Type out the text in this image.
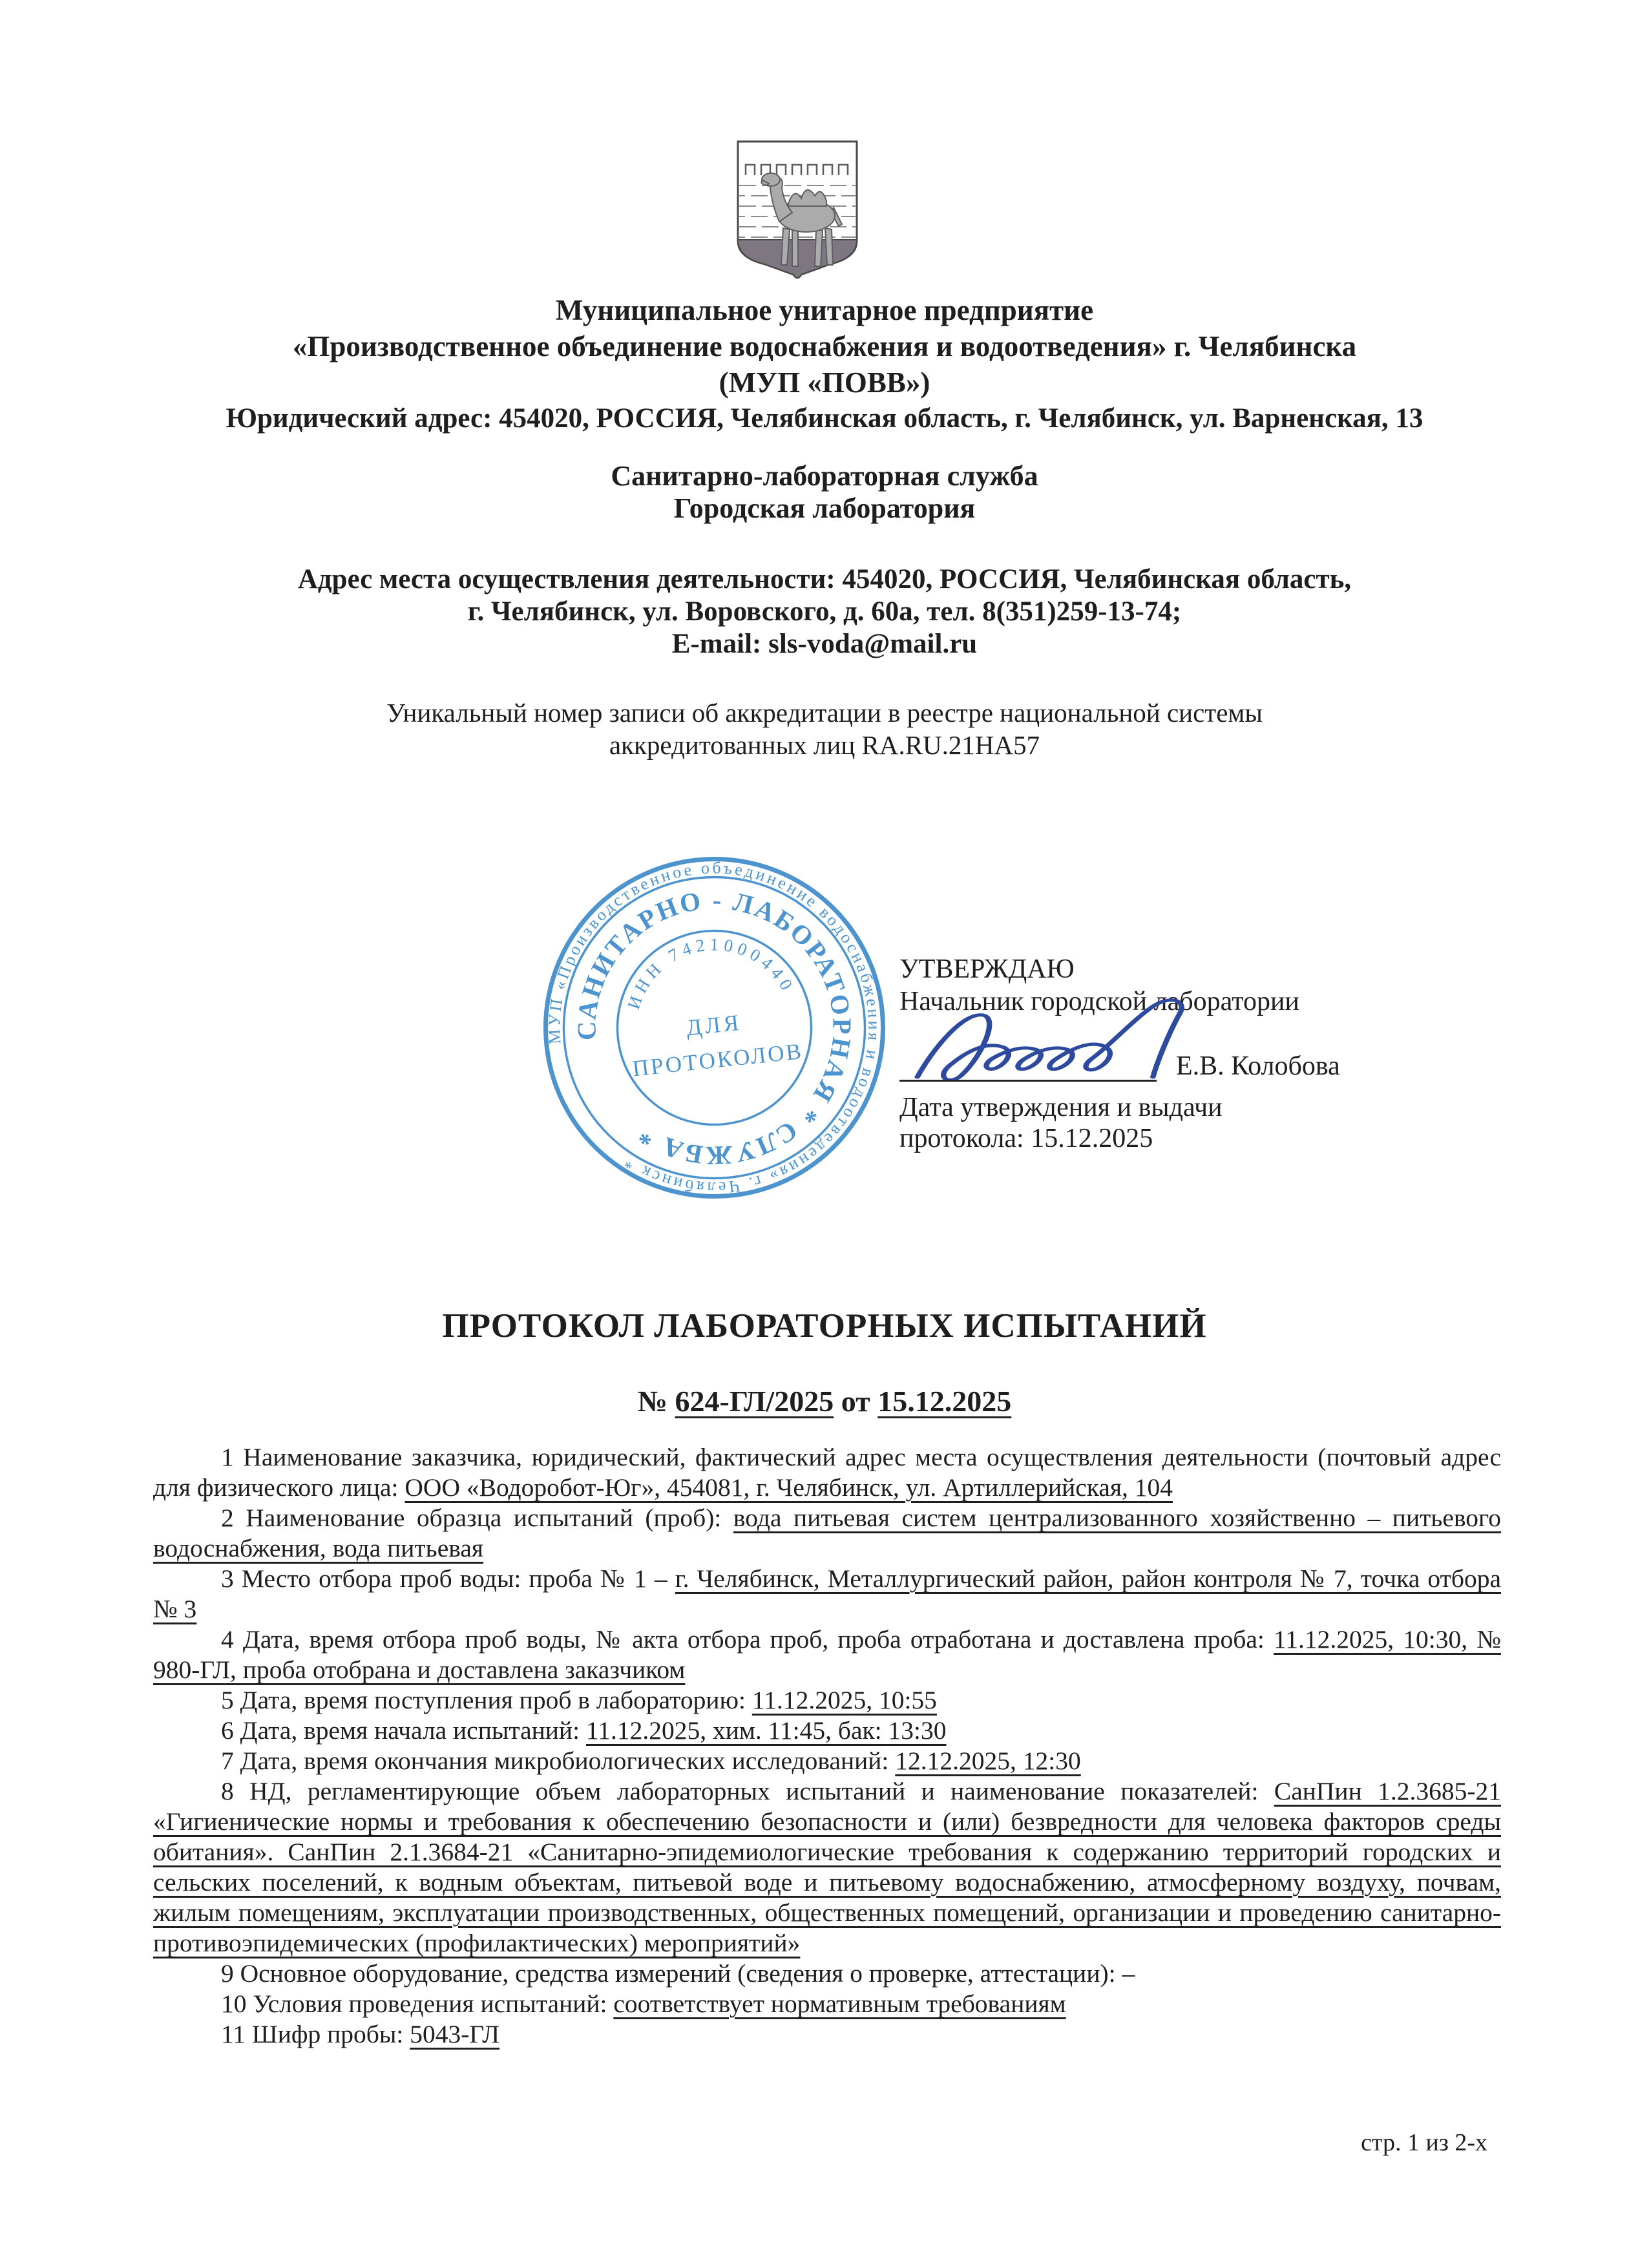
Муниципальное унитарное предприятие
«Производственное объединение водоснабжения и водоотведения» г. Челябинска
(МУП «ПОВВ»)
Юридический адрес: 454020, РОССИЯ, Челябинская область, г. Челябинск, ул. Варненская, 13
Санитарно-лабораторная служба
Городская лаборатория
Адрес места осуществления деятельности: 454020, РОССИЯ, Челябинская область,
г. Челябинск, ул. Воровского, д. 60а, тел. 8(351)259-13-74;
E-mail: sls-voda@mail.ru
Уникальный номер записи об аккредитации в реестре национальной системы
аккредитованных лиц RA.RU.21HA57
МУП «Производственное объединение водоснабжения и водоотведения» г. Челябинск *
САНИТАРНО - ЛАБОРАТОРНАЯ * СЛУЖБА *
ИНН 7421000440
ДЛЯ
ПРОТОКОЛОВ
УТВЕРЖДАЮ
Начальник городской лаборатории
Е.В. Колобова
Дата утверждения и выдачи
протокола: 15.12.2025
ПРОТОКОЛ ЛАБОРАТОРНЫХ ИСПЫТАНИЙ
№ 624-ГЛ/2025 от 15.12.2025

1 Наименование заказчика, юридический, фактический адрес места осуществления деятельности (почтовый адрес для физического лица: ООО «Водоробот-Юг», 454081, г. Челябинск, ул. Артиллерийская, 104

2 Наименование образца испытаний (проб): вода питьевая систем централизованного хозяйственно – питьевого водоснабжения, вода питьевая

3 Место отбора проб воды: проба № 1 – г. Челябинск, Металлургический район, район контроля № 7, точка отбора № 3

4 Дата, время отбора проб воды, № акта отбора проб, проба отработана и доставлена проба: 11.12.2025, 10:30, № 980-ГЛ, проба отобрана и доставлена заказчиком

5 Дата, время поступления проб в лабораторию: 11.12.2025, 10:55

6 Дата, время начала испытаний: 11.12.2025, хим. 11:45, бак: 13:30

7 Дата, время окончания микробиологических исследований: 12.12.2025, 12:30

8 НД, регламентирующие объем лабораторных испытаний и наименование показателей: СанПин 1.2.3685-21 «Гигиенические нормы и требования к обеспечению безопасности и (или) безвредности для человека факторов среды обитания». СанПин 2.1.3684-21 «Санитарно-эпидемиологические требования к содержанию территорий городских и сельских поселений, к водным объектам, питьевой воде и питьевому водоснабжению, атмосферному воздуху, почвам, жилым помещениям, эксплуатации производственных, общественных помещений, организации и проведению санитарно-противоэпидемических (профилактических) мероприятий»

9 Основное оборудование, средства измерений (сведения о проверке, аттестации): –

10 Условия проведения испытаний: соответствует нормативным требованиям

11 Шифр пробы: 5043-ГЛ

стр. 1 из 2-х
